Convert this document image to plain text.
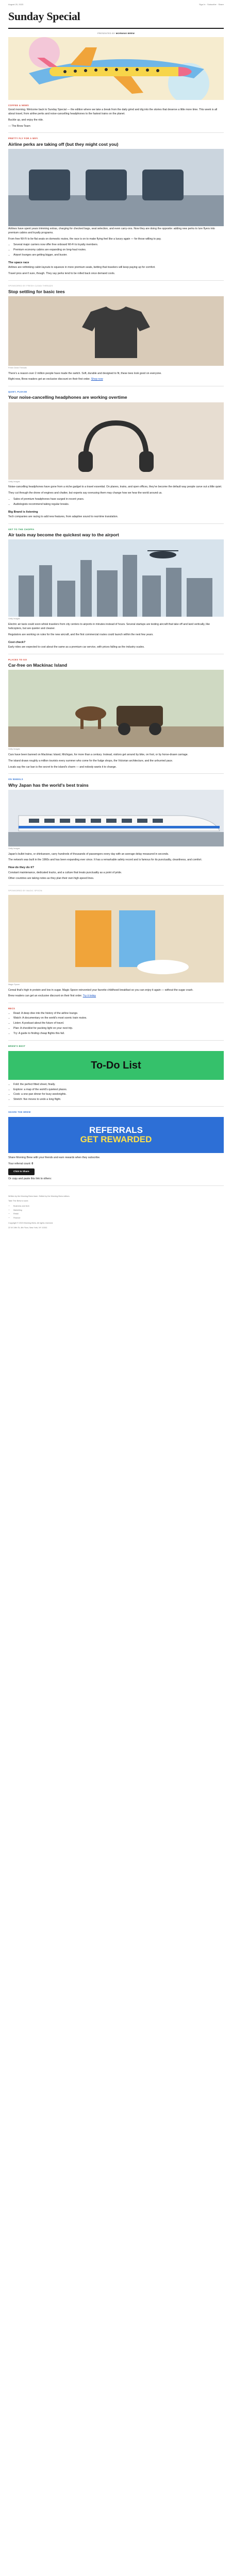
August 20, 2023	Sign In · Subscribe · Share
Sunday Special
PRESENTED BY MORNING BREW
COFFEE & NEWS

Good morning. Welcome back to Sunday Special — the edition where we take a break from the daily grind and dig into the stories that deserve a little more time. This week is all about travel, from airline perks and noise-cancelling headphones to the fastest trains on the planet.

Buckle up, and enjoy the ride.

— The Brew Team

PRETTY FLY FOR A WIFI
Airline perks are taking off (but they might cost you)

Airlines have spent years trimming extras, charging for checked bags, seat selection, and even carry-ons. Now they are doing the opposite: adding new perks to lure flyers into premium cabins and loyalty programs.

From free Wi-Fi to lie-flat seats on domestic routes, the race is on to make flying feel like a luxury again — for those willing to pay.

• Several major carriers now offer free onboard Wi-Fi to loyalty members.
• Premium economy cabins are expanding on long-haul routes.
• Airport lounges are getting bigger, and busier.
The space race

Airlines are rethinking cabin layouts to squeeze in more premium seats, betting that travelers will keep paying up for comfort.

Travel pros aren't sure, though. They say perks tend to be rolled back once demand cools.

SPONSORED BY FRESH CLEAN THREADS
Stop settling for basic tees
Fresh Clean Threads

There's a reason over 2 million people have made the switch. Soft, durable and designed to fit, these tees look good on everyone.

Right now, Brew readers get an exclusive discount on their first order. Shop now

QUIET, PLEASE
Your noise-cancelling headphones are working overtime
Getty Images

Noise-cancelling headphones have gone from a niche gadget to a travel essential. On planes, trains, and open offices, they've become the default way people carve out a little quiet.

They cut through the drone of engines and chatter, but experts say overusing them may change how we hear the world around us.

• Sales of premium headphones have surged in recent years.
• Audiologists recommend taking regular breaks.
Big Brand is listening

Tech companies are racing to add new features, from adaptive sound to real-time translation.

GET TO THE CHOPPA
Air taxis may become the quickest way to the airport
Getty Images

Electric air taxis could soon whisk travelers from city centers to airports in minutes instead of hours. Several startups are testing aircraft that take off and land vertically, like helicopters, but are quieter and cleaner.

Regulators are working on rules for the new aircraft, and the first commercial routes could launch within the next few years.

Cost check?

Early rides are expected to cost about the same as a premium car service, with prices falling as the industry scales.

PLACES TO GO
Car-free on Mackinac Island
Getty Images

Cars have been banned on Mackinac Island, Michigan, for more than a century. Instead, visitors get around by bike, on foot, or by horse-drawn carriage.

The island draws roughly a million tourists every summer who come for the fudge shops, the Victorian architecture, and the unhurried pace.

Locals say the car ban is the secret to the island's charm — and nobody wants it to change.

ON WHEELS
Why Japan has the world's best trains
Getty Images

Japan's bullet trains, or shinkansen, carry hundreds of thousands of passengers every day with an average delay measured in seconds.

The network was built in the 1960s and has been expanding ever since. It has a remarkable safety record and is famous for its punctuality, cleanliness, and comfort.

How do they do it?

Constant maintenance, dedicated tracks, and a culture that treats punctuality as a point of pride.

Other countries are taking notes as they plan their own high-speed lines.

SPONSORED BY MAGIC SPOON
Magic Spoon

Cereal that's high in protein and low in sugar. Magic Spoon reinvented your favorite childhood breakfast so you can enjoy it again — without the sugar crash.

Brew readers can get an exclusive discount on their first order. Try it today

RECS
• Read: A deep dive into the history of the airline lounge.
• Watch: A documentary on the world's most scenic train routes.
• Listen: A podcast about the future of travel.
• Plan: A checklist for packing light on your next trip.
• Try: A guide to finding cheap flights this fall.
BREW'S BEST
To-Do List
• Fold: the perfect fitted sheet, finally.
• Explore: a map of the world's quietest places.
• Cook: a one-pan dinner for busy weeknights.
• Stretch: five moves to undo a long flight.
SHARE THE BREW
REFERRALS
GET REWARDED

Share Morning Brew with your friends and earn rewards when they subscribe.

Your referral count: 0

Click to Share

Or copy and paste this link to others:

Written by the Morning Brew team. Edited by the Morning Brew editors.

Take The Brew to work

• Business and tech
• Marketing
• Retail
• Finance

Copyright © 2023 Morning Brew. All rights reserved.

22 W 19th St, 4th Floor, New York, NY 10011
